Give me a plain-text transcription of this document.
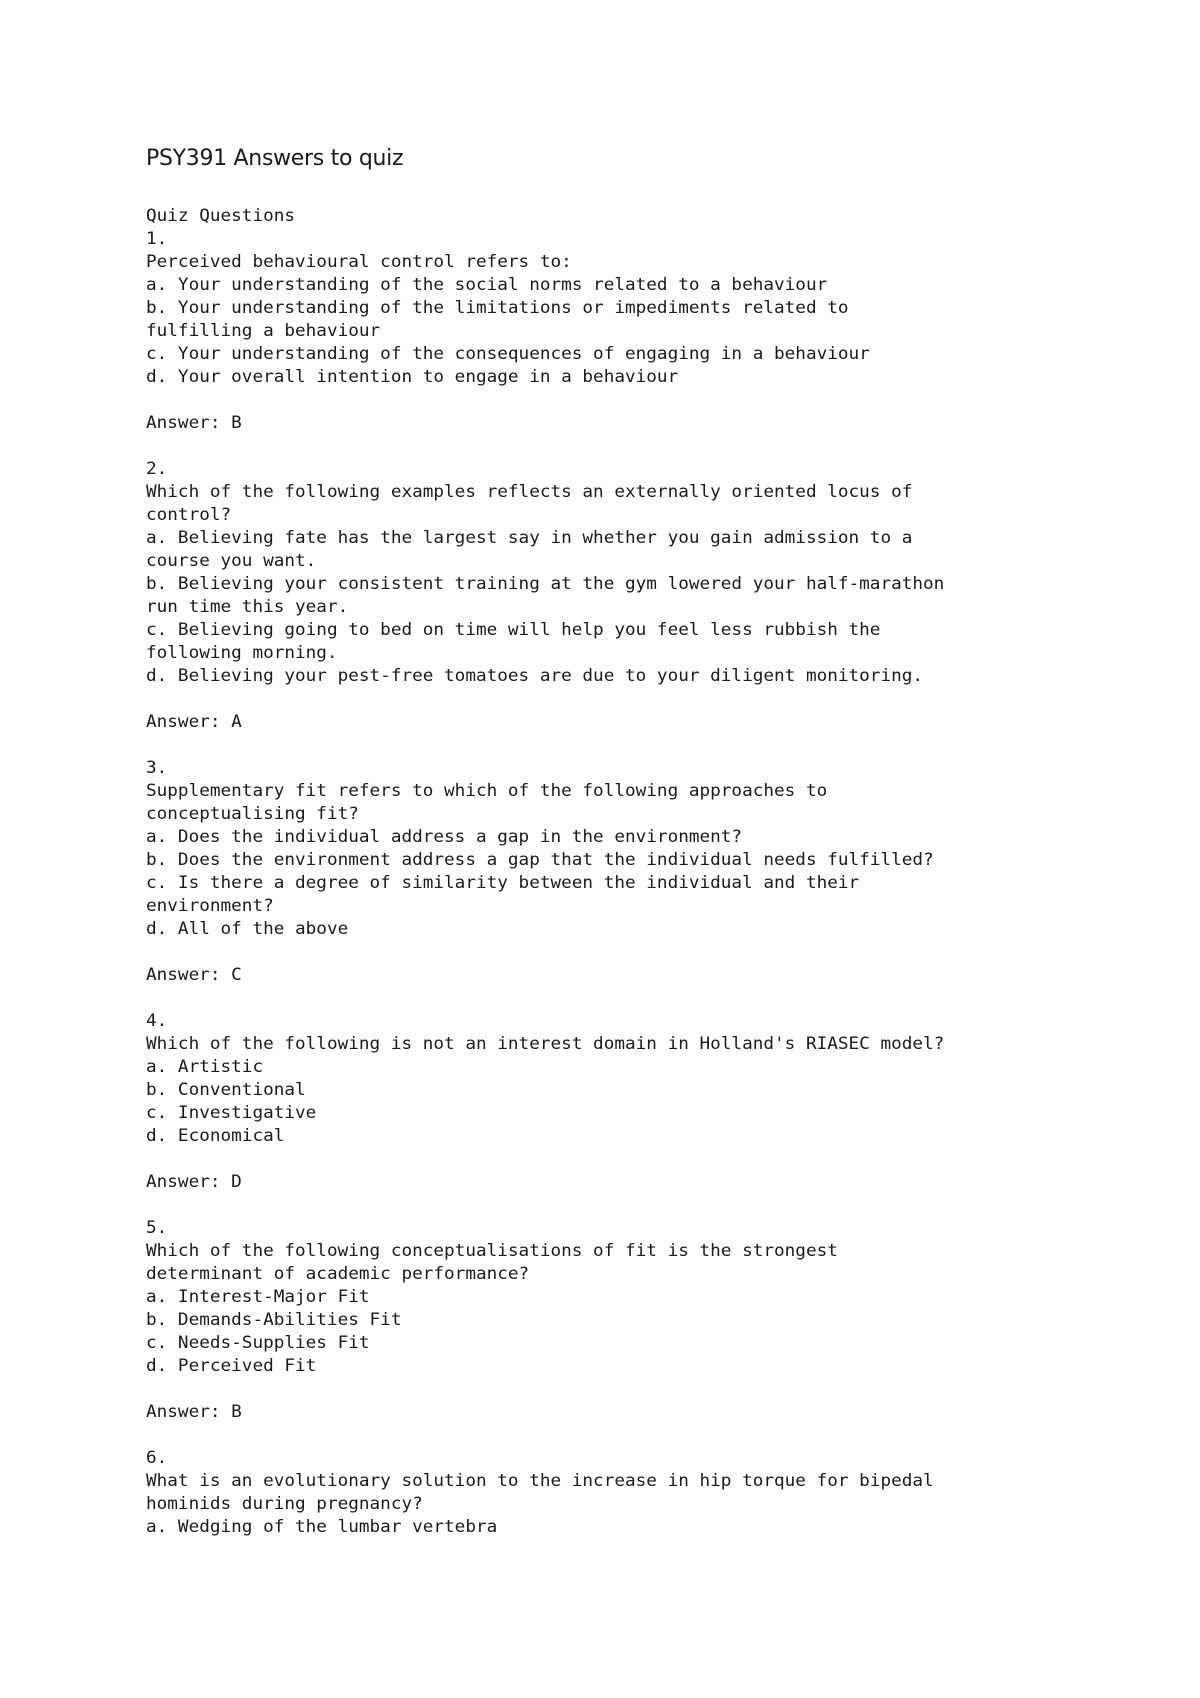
PSY391 Answers to quiz
Quiz Questions
1.
Perceived behavioural control refers to:
a. Your understanding of the social norms related to a behaviour
b. Your understanding of the limitations or impediments related to
fulfilling a behaviour
c. Your understanding of the consequences of engaging in a behaviour
d. Your overall intention to engage in a behaviour
Answer: B
2.
Which of the following examples reflects an externally oriented locus of
control?
a. Believing fate has the largest say in whether you gain admission to a
course you want.
b. Believing your consistent training at the gym lowered your half-marathon
run time this year.
c. Believing going to bed on time will help you feel less rubbish the
following morning.
d. Believing your pest-free tomatoes are due to your diligent monitoring.
Answer: A
3.
Supplementary fit refers to which of the following approaches to
conceptualising fit?
a. Does the individual address a gap in the environment?
b. Does the environment address a gap that the individual needs fulfilled?
c. Is there a degree of similarity between the individual and their
environment?
d. All of the above
Answer: C
4.
Which of the following is not an interest domain in Holland's RIASEC model?
a. Artistic
b. Conventional
c. Investigative
d. Economical
Answer: D
5.
Which of the following conceptualisations of fit is the strongest
determinant of academic performance?
a. Interest-Major Fit
b. Demands-Abilities Fit
c. Needs-Supplies Fit
d. Perceived Fit
Answer: B
6.
What is an evolutionary solution to the increase in hip torque for bipedal
hominids during pregnancy?
a. Wedging of the lumbar vertebra
